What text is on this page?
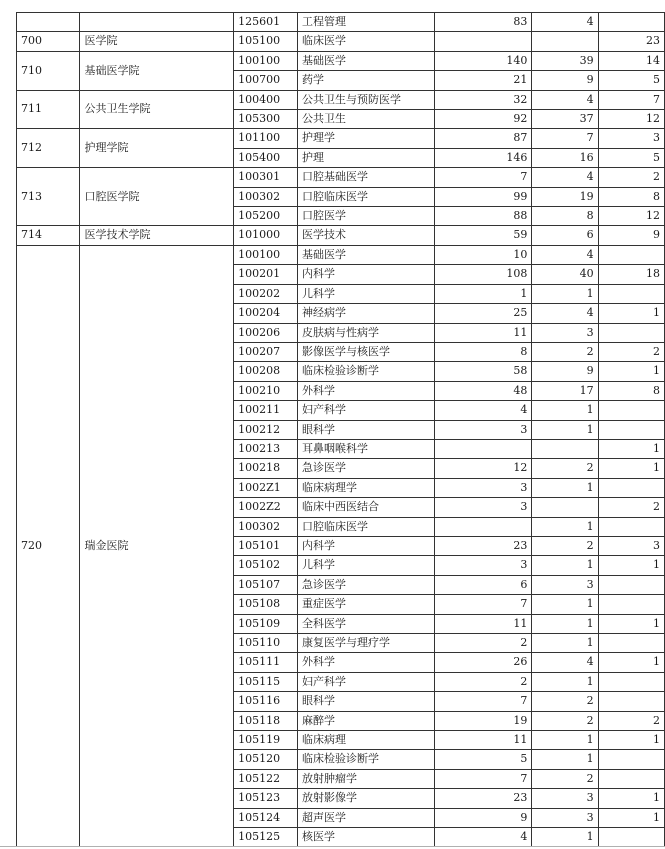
		125601	工程管理	83	4	
700	医学院	105100	临床医学			23
710	基础医学院	100100	基础医学	140	39	14
		100700	药学	21	9	5
711	公共卫生学院	100400	公共卫生与预防医学	32	4	7
		105300	公共卫生	92	37	12
712	护理学院	101100	护理学	87	7	3
		105400	护理	146	16	5
713	口腔医学院	100301	口腔基础医学	7	4	2
		100302	口腔临床医学	99	19	8
		105200	口腔医学	88	8	12
714	医学技术学院	101000	医学技术	59	6	9
720	瑞金医院	100100	基础医学	10	4	
		100201	内科学	108	40	18
		100202	儿科学	1	1	
		100204	神经病学	25	4	1
		100206	皮肤病与性病学	11	3	
		100207	影像医学与核医学	8	2	2
		100208	临床检验诊断学	58	9	1
		100210	外科学	48	17	8
		100211	妇产科学	4	1	
		100212	眼科学	3	1	
		100213	耳鼻咽喉科学			1
		100218	急诊医学	12	2	1
		1002Z1	临床病理学	3	1	
		1002Z2	临床中西医结合	3		2
		100302	口腔临床医学		1	
		105101	内科学	23	2	3
		105102	儿科学	3	1	1
		105107	急诊医学	6	3	
		105108	重症医学	7	1	
		105109	全科医学	11	1	1
		105110	康复医学与理疗学	2	1	
		105111	外科学	26	4	1
		105115	妇产科学	2	1	
		105116	眼科学	7	2	
		105118	麻醉学	19	2	2
		105119	临床病理	11	1	1
		105120	临床检验诊断学	5	1	
		105122	放射肿瘤学	7	2	
		105123	放射影像学	23	3	1
		105124	超声医学	9	3	1
		105125	核医学	4	1	
